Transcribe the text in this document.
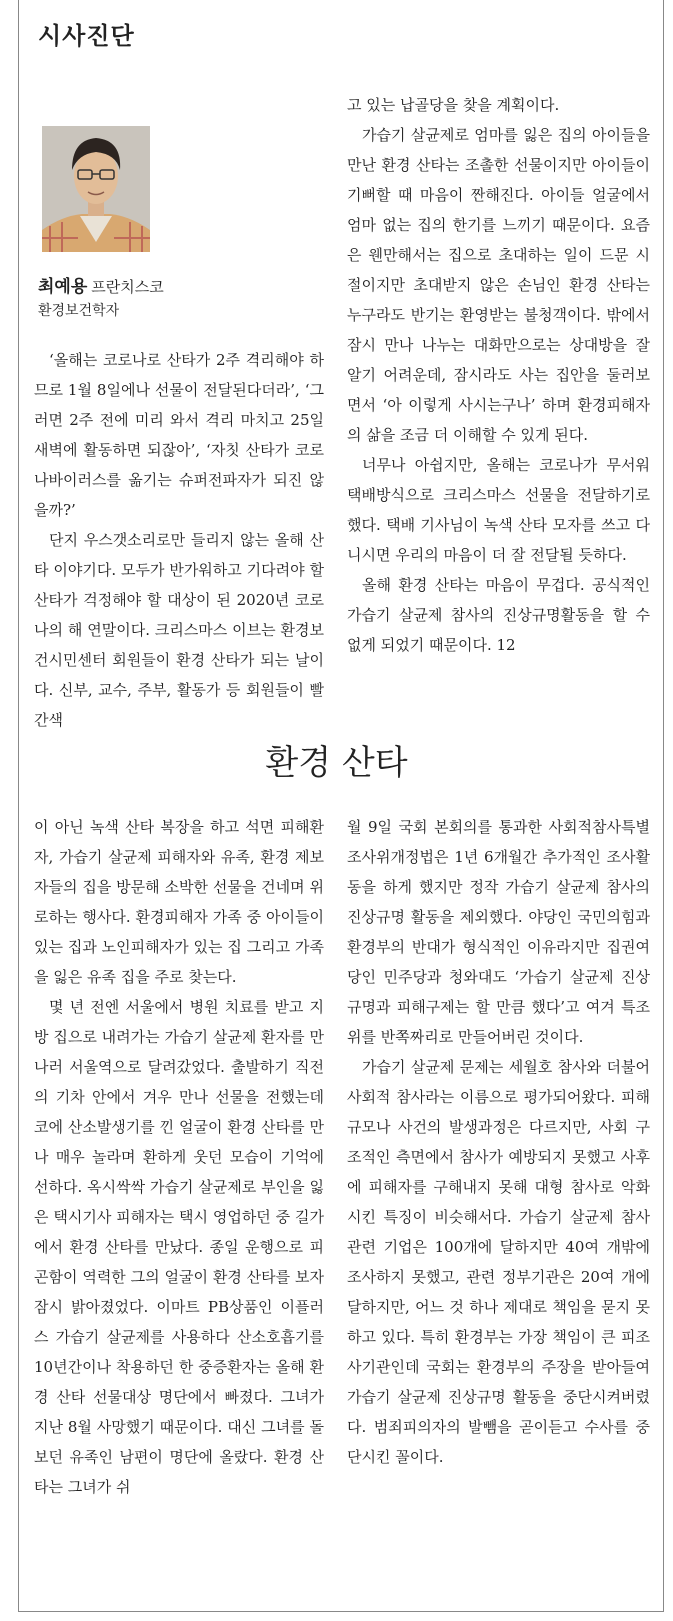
시사진단
최예용 프란치스코
환경보건학자

‘올해는 코로나로 산타가 2주 격리해야 하므로 1월 8일에나 선물이 전달된다더라’, ‘그러면 2주 전에 미리 와서 격리 마치고 25일 새벽에 활동하면 되잖아’, ‘자칫 산타가 코로나바이러스를 옮기는 슈퍼전파자가 되진 않을까?’

단지 우스갯소리로만 들리지 않는 올해 산타 이야기다. 모두가 반가워하고 기다려야 할 산타가 걱정해야 할 대상이 된 2020년 코로나의 해 연말이다. 크리스마스 이브는 환경보건시민센터 회원들이 환경 산타가 되는 날이다. 신부, 교수, 주부, 활동가 등 회원들이 빨간색

고 있는 납골당을 찾을 계획이다.

가습기 살균제로 엄마를 잃은 집의 아이들을 만난 환경 산타는 조촐한 선물이지만 아이들이 기뻐할 때 마음이 짠해진다. 아이들 얼굴에서 엄마 없는 집의 한기를 느끼기 때문이다. 요즘은 웬만해서는 집으로 초대하는 일이 드문 시절이지만 초대받지 않은 손님인 환경 산타는 누구라도 반기는 환영받는 불청객이다. 밖에서 잠시 만나 나누는 대화만으로는 상대방을 잘 알기 어려운데, 잠시라도 사는 집안을 둘러보면서 ‘아 이렇게 사시는구나’ 하며 환경피해자의 삶을 조금 더 이해할 수 있게 된다.

너무나 아쉽지만, 올해는 코로나가 무서워 택배방식으로 크리스마스 선물을 전달하기로 했다. 택배 기사님이 녹색 산타 모자를 쓰고 다니시면 우리의 마음이 더 잘 전달될 듯하다.

올해 환경 산타는 마음이 무겁다. 공식적인 가습기 살균제 참사의 진상규명활동을 할 수 없게 되었기 때문이다. 12

환경 산타

이 아닌 녹색 산타 복장을 하고 석면 피해환자, 가습기 살균제 피해자와 유족, 환경 제보자들의 집을 방문해 소박한 선물을 건네며 위로하는 행사다. 환경피해자 가족 중 아이들이 있는 집과 노인피해자가 있는 집 그리고 가족을 잃은 유족 집을 주로 찾는다.

몇 년 전엔 서울에서 병원 치료를 받고 지방 집으로 내려가는 가습기 살균제 환자를 만나러 서울역으로 달려갔었다. 출발하기 직전의 기차 안에서 겨우 만나 선물을 전했는데 코에 산소발생기를 낀 얼굴이 환경 산타를 만나 매우 놀라며 환하게 웃던 모습이 기억에 선하다. 옥시싹싹 가습기 살균제로 부인을 잃은 택시기사 피해자는 택시 영업하던 중 길가에서 환경 산타를 만났다. 종일 운행으로 피곤함이 역력한 그의 얼굴이 환경 산타를 보자 잠시 밝아졌었다. 이마트 PB상품인 이플러스 가습기 살균제를 사용하다 산소호흡기를 10년간이나 착용하던 한 중증환자는 올해 환경 산타 선물대상 명단에서 빠졌다. 그녀가 지난 8월 사망했기 때문이다. 대신 그녀를 돌보던 유족인 남편이 명단에 올랐다. 환경 산타는 그녀가 쉬

월 9일 국회 본회의를 통과한 사회적참사특별조사위개정법은 1년 6개월간 추가적인 조사활동을 하게 했지만 정작 가습기 살균제 참사의 진상규명 활동을 제외했다. 야당인 국민의힘과 환경부의 반대가 형식적인 이유라지만 집권여당인 민주당과 청와대도 ‘가습기 살균제 진상규명과 피해구제는 할 만큼 했다’고 여겨 특조위를 반쪽짜리로 만들어버린 것이다.

가습기 살균제 문제는 세월호 참사와 더불어 사회적 참사라는 이름으로 평가되어왔다. 피해규모나 사건의 발생과정은 다르지만, 사회 구조적인 측면에서 참사가 예방되지 못했고 사후에 피해자를 구해내지 못해 대형 참사로 악화시킨 특징이 비슷해서다. 가습기 살균제 참사 관련 기업은 100개에 달하지만 40여 개밖에 조사하지 못했고, 관련 정부기관은 20여 개에 달하지만, 어느 것 하나 제대로 책임을 묻지 못하고 있다. 특히 환경부는 가장 책임이 큰 피조사기관인데 국회는 환경부의 주장을 받아들여 가습기 살균제 진상규명 활동을 중단시켜버렸다. 범죄피의자의 발뺌을 곧이듣고 수사를 중단시킨 꼴이다.
